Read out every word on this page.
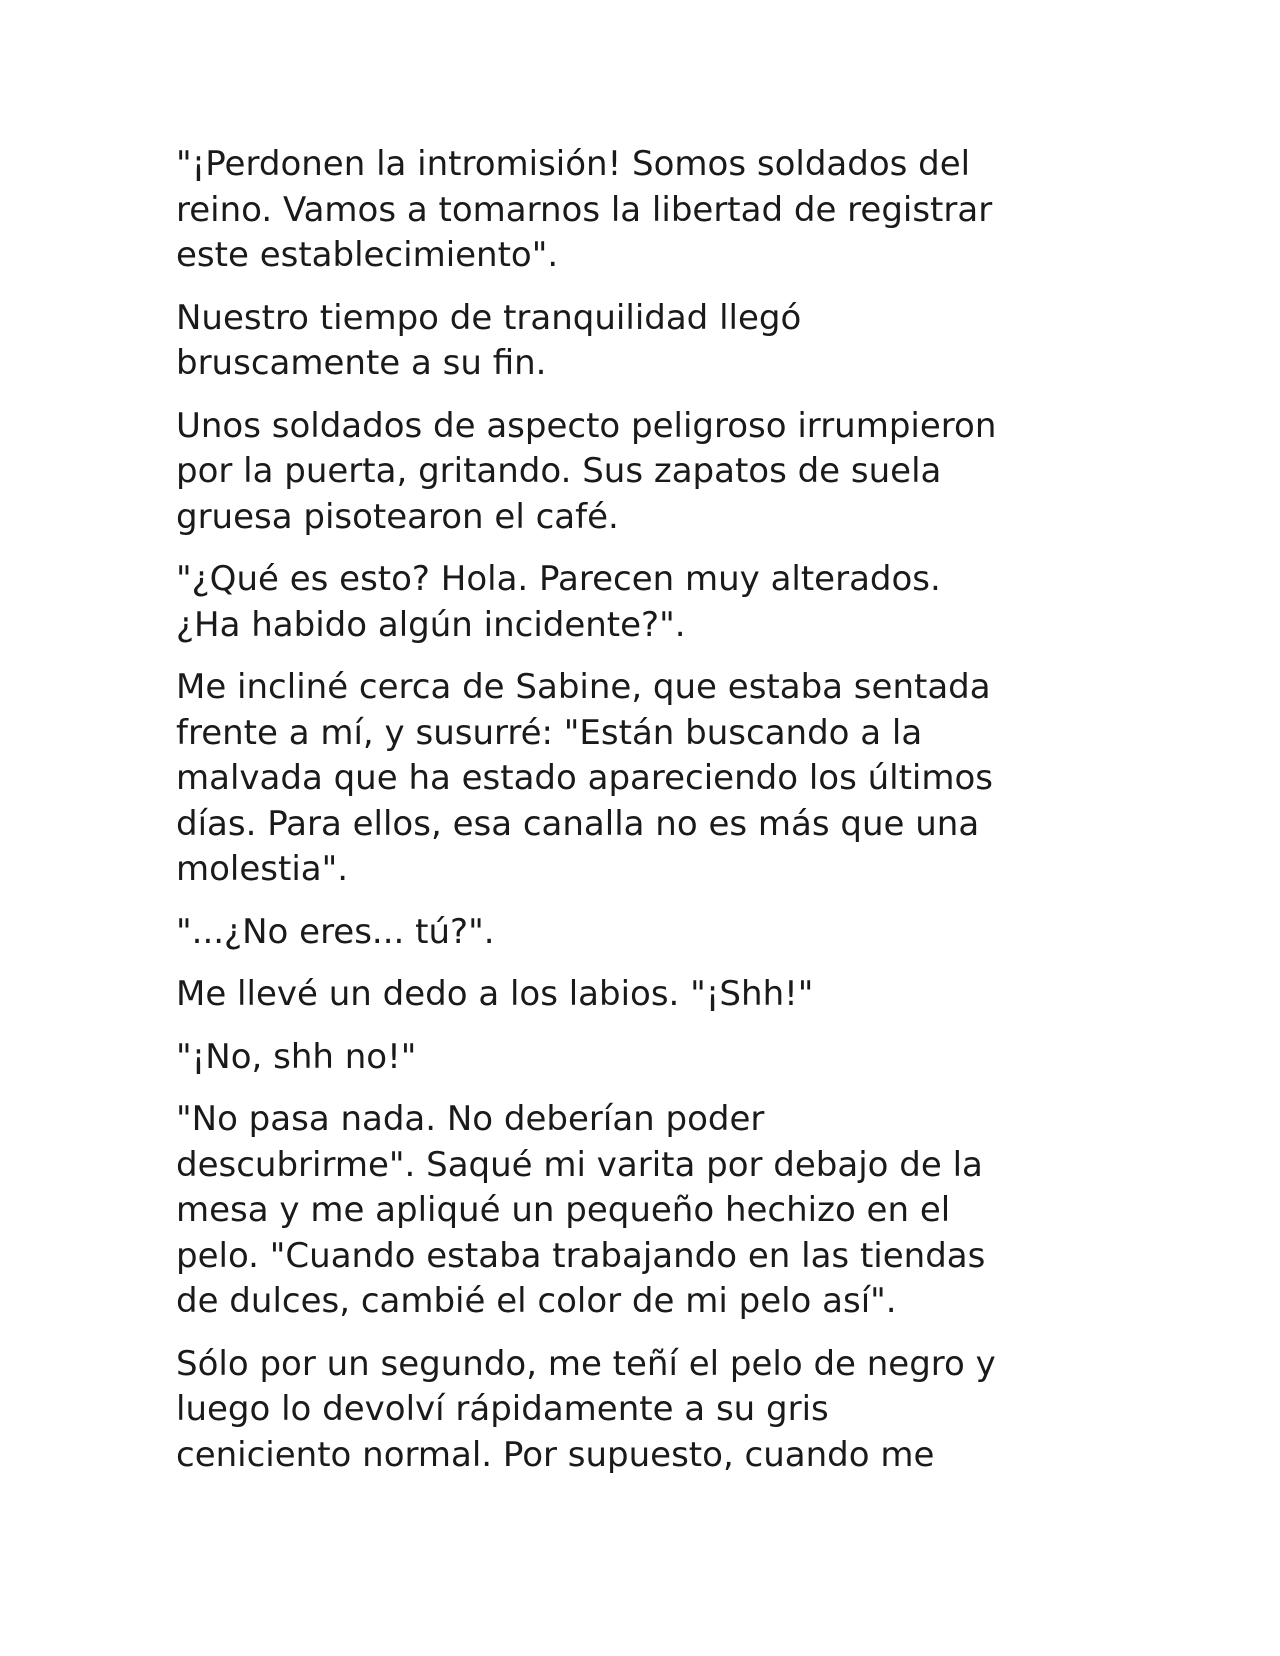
"¡Perdonen la intromisión! Somos soldados del
reino. Vamos a tomarnos la libertad de registrar
este establecimiento".
Nuestro tiempo de tranquilidad llegó
bruscamente a su fin.
Unos soldados de aspecto peligroso irrumpieron
por la puerta, gritando. Sus zapatos de suela
gruesa pisotearon el café.
"¿Qué es esto? Hola. Parecen muy alterados.
¿Ha habido algún incidente?".
Me incliné cerca de Sabine, que estaba sentada
frente a mí, y susurré: "Están buscando a la
malvada que ha estado apareciendo los últimos
días. Para ellos, esa canalla no es más que una
molestia".
"...¿No eres... tú?".
Me llevé un dedo a los labios. "¡Shh!"
"¡No, shh no!"
"No pasa nada. No deberían poder
descubrirme". Saqué mi varita por debajo de la
mesa y me apliqué un pequeño hechizo en el
pelo. "Cuando estaba trabajando en las tiendas
de dulces, cambié el color de mi pelo así".
Sólo por un segundo, me teñí el pelo de negro y
luego lo devolví rápidamente a su gris
ceniciento normal. Por supuesto, cuando me
